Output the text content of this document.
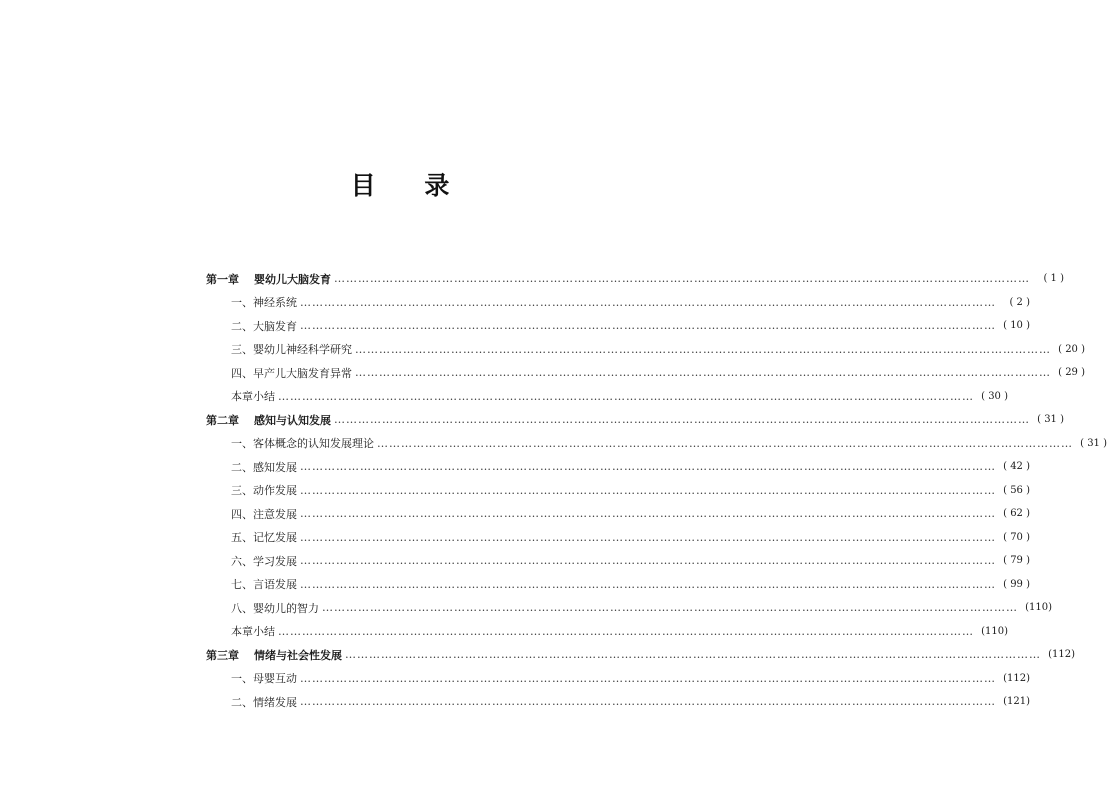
目 录
第一章 婴幼儿大脑发育 …………………………………………………………………………………………………………………………………………………………	( 1 )
一、神经系统 …………………………………………………………………………………………………………………………………………………………	( 2 )
二、大脑发育 ………………………………………………………………………………………………………………………………………………………… ( 10 )
三、婴幼儿神经科学研究 ………………………………………………………………………………………………………………………………………………………… ( 20 )
四、早产儿大脑发育异常 ………………………………………………………………………………………………………………………………………………………… ( 29 )
本章小结 ………………………………………………………………………………………………………………………………………………………… ( 30 )
第二章 感知与认知发展 ………………………………………………………………………………………………………………………………………………………… ( 31 )
一、客体概念的认知发展理论 ………………………………………………………………………………………………………………………………………………………… ( 31 )
二、感知发展 ………………………………………………………………………………………………………………………………………………………… ( 42 )
三、动作发展 ………………………………………………………………………………………………………………………………………………………… ( 56 )
四、注意发展 ………………………………………………………………………………………………………………………………………………………… ( 62 )
五、记忆发展 ………………………………………………………………………………………………………………………………………………………… ( 70 )
六、学习发展 ………………………………………………………………………………………………………………………………………………………… ( 79 )
七、言语发展 ………………………………………………………………………………………………………………………………………………………… ( 99 )
八、婴幼儿的智力 ………………………………………………………………………………………………………………………………………………………… (110)
本章小结 ………………………………………………………………………………………………………………………………………………………… (110)
第三章 情绪与社会性发展 ………………………………………………………………………………………………………………………………………………………… (112)
一、母婴互动 ………………………………………………………………………………………………………………………………………………………… (112)
二、情绪发展 ………………………………………………………………………………………………………………………………………………………… (121)
